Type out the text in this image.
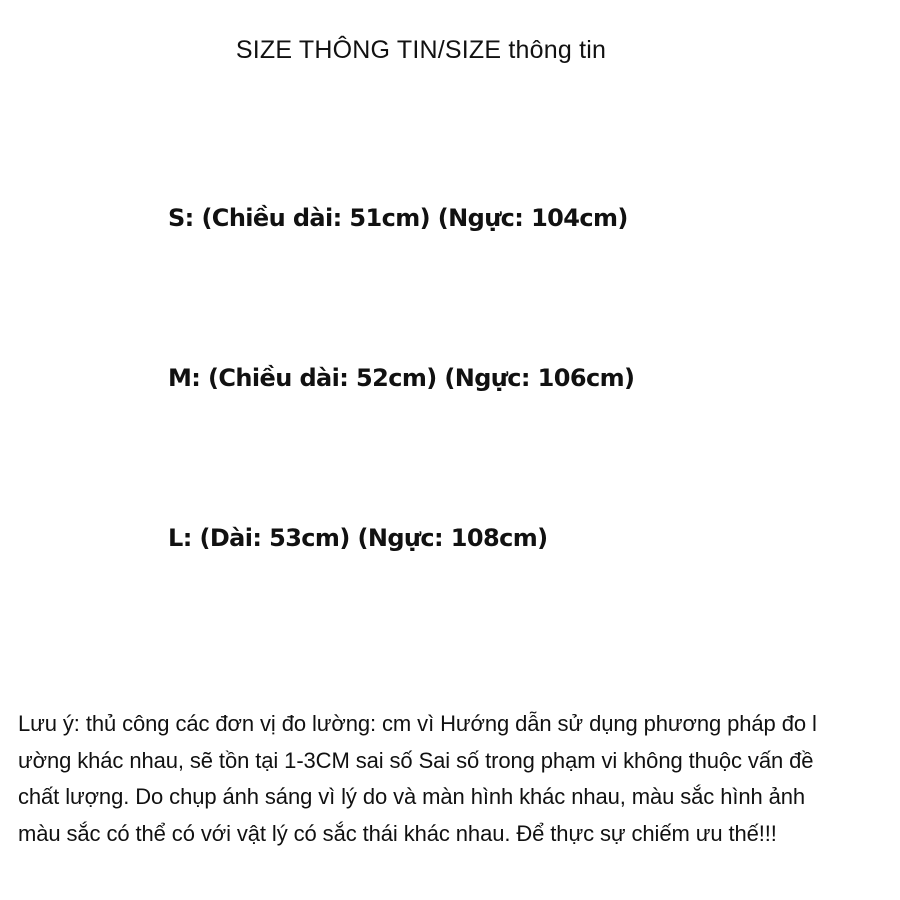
SIZE THÔNG TIN/SIZE thông tin
S: (Chiều dài: 51cm) (Ngực: 104cm)
M: (Chiều dài: 52cm) (Ngực: 106cm)
L: (Dài: 53cm) (Ngực: 108cm)
Lưu ý: thủ công các đơn vị đo lường: cm vì Hướng dẫn sử dụng phương pháp đo l
ường khác nhau, sẽ tồn tại 1-3CM sai số Sai số trong phạm vi không thuộc vấn đề
chất lượng. Do chụp ánh sáng vì lý do và màn hình khác nhau, màu sắc hình ảnh
màu sắc có thể có với vật lý có sắc thái khác nhau. Để thực sự chiếm ưu thế!!!
